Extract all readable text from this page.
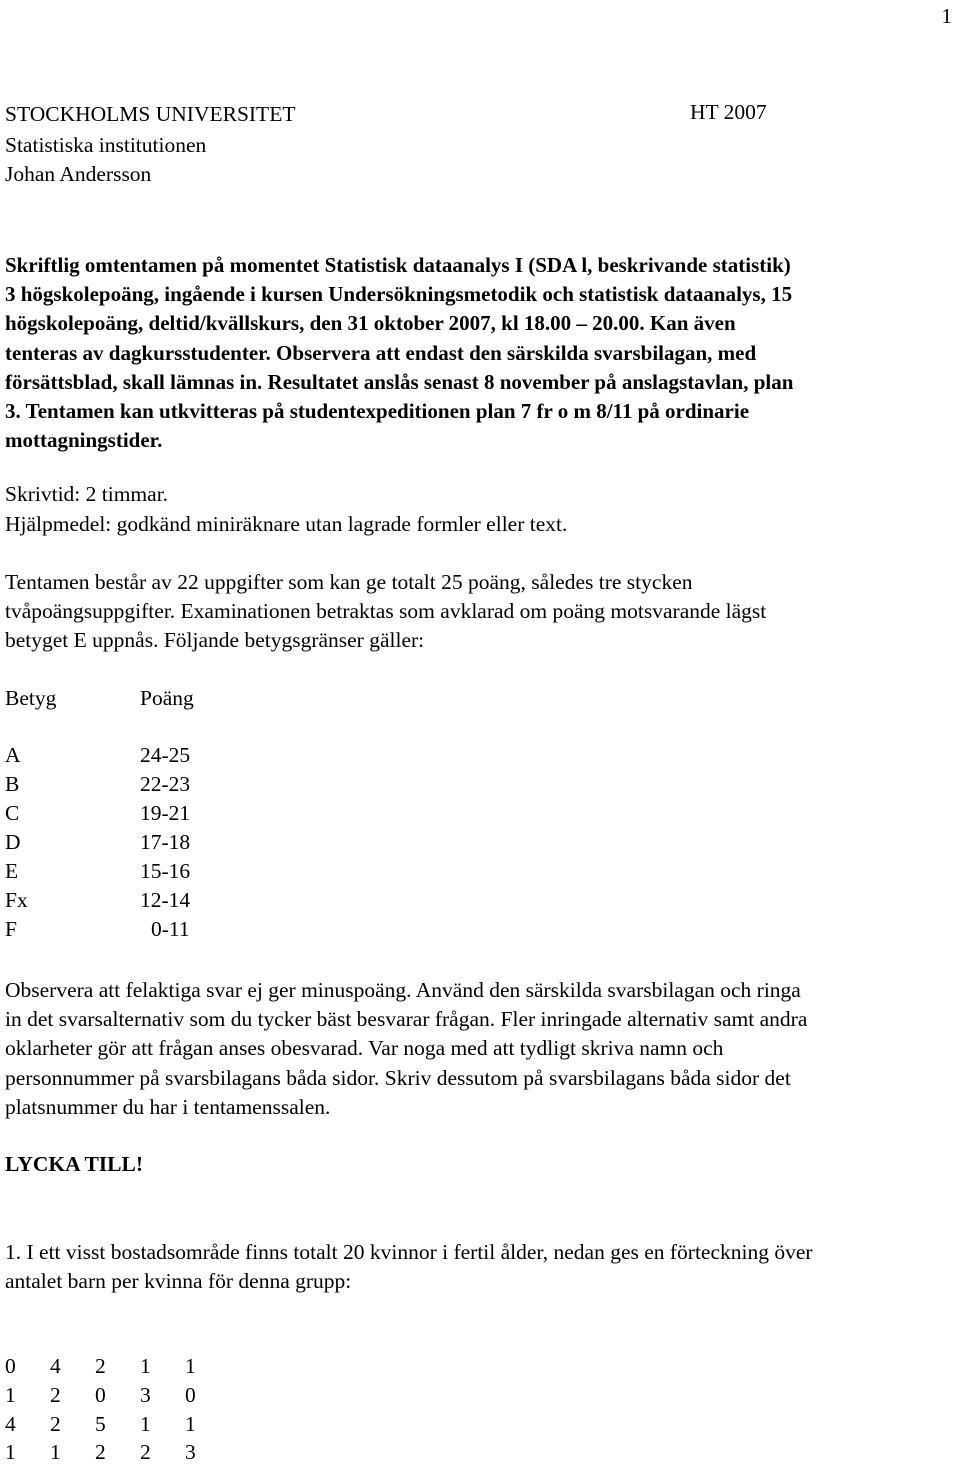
1
STOCKHOLMS UNIVERSITET	HT 2007
Statistiska institutionen
Johan Andersson
Skriftlig omtentamen på momentet Statistisk dataanalys I (SDA l, beskrivande statistik)
3 högskolepoäng, ingående i kursen Undersökningsmetodik och statistisk dataanalys, 15
högskolepoäng, deltid/kvällskurs, den 31 oktober 2007, kl 18.00 – 20.00. Kan även
tenteras av dagkursstudenter. Observera att endast den särskilda svarsbilagan, med
försättsblad, skall lämnas in. Resultatet anslås senast 8 november på anslagstavlan, plan
3. Tentamen kan utkvitteras på studentexpeditionen plan 7 fr o m 8/11 på ordinarie
mottagningstider.
Skrivtid: 2 timmar.
Hjälpmedel: godkänd miniräknare utan lagrade formler eller text.
Tentamen består av 22 uppgifter som kan ge totalt 25 poäng, således tre stycken
tvåpoängsuppgifter. Examinationen betraktas som avklarad om poäng motsvarande lägst
betyget E uppnås. Följande betygsgränser gäller:
Betyg	Poäng
A	24-25
B	22-23
C	19-21
D	17-18
E	15-16
Fx	12-14
F	0-11
Observera att felaktiga svar ej ger minuspoäng. Använd den särskilda svarsbilagan och ringa
in det svarsalternativ som du tycker bäst besvarar frågan. Fler inringade alternativ samt andra
oklarheter gör att frågan anses obesvarad. Var noga med att tydligt skriva namn och
personnummer på svarsbilagans båda sidor. Skriv dessutom på svarsbilagans båda sidor det
platsnummer du har i tentamenssalen.
LYCKA TILL!
1. I ett visst bostadsområde finns totalt 20 kvinnor i fertil ålder, nedan ges en förteckning över
antalet barn per kvinna för denna grupp:
0	4	2	1	1
1	2	0	3	0
4	2	5	1	1
1	1	2	2	3
